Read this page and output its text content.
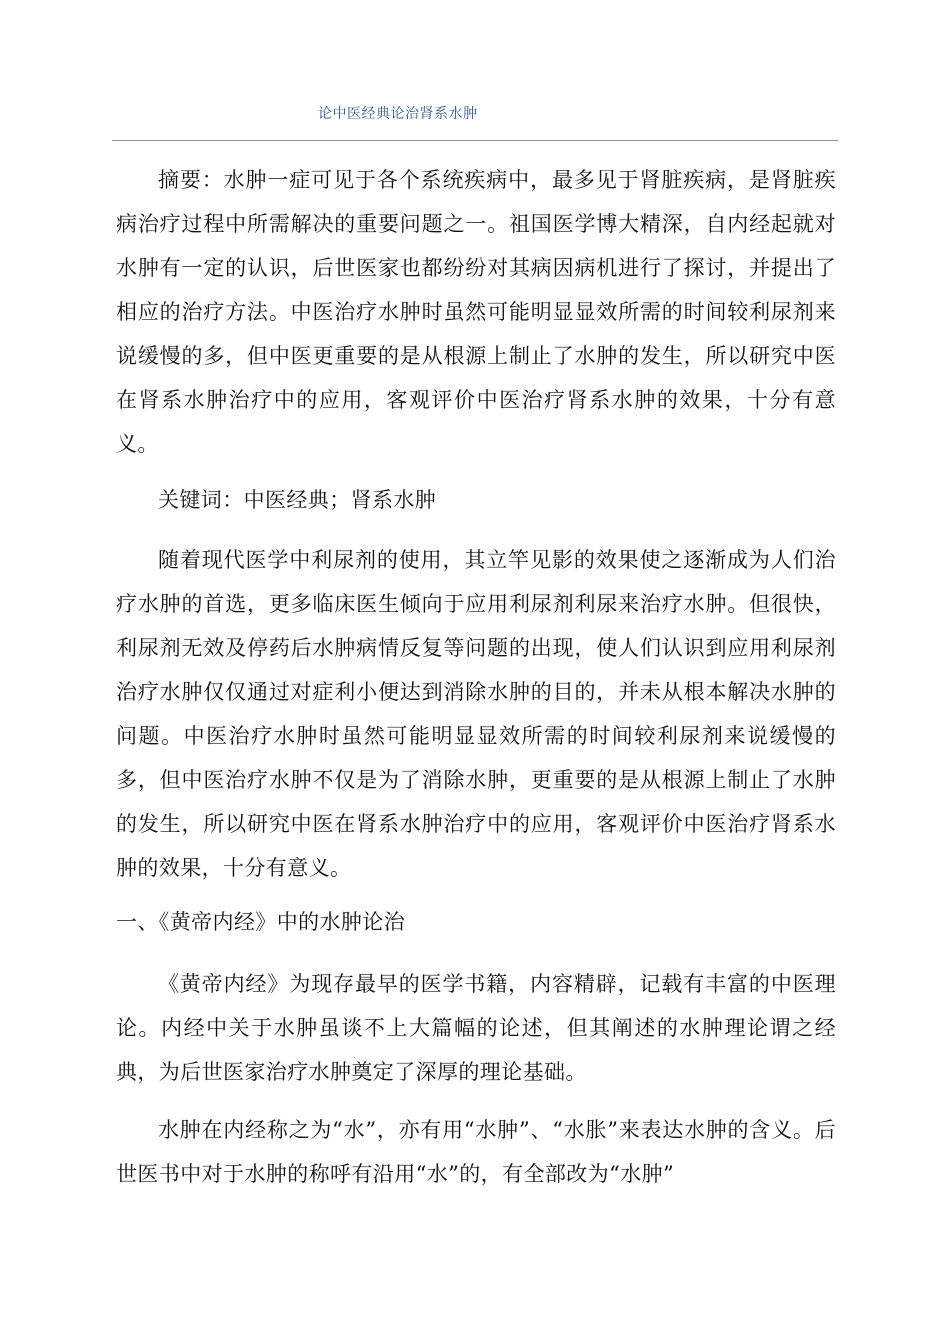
论中医经典论治肾系水肿

摘要：水肿一症可见于各个系统疾病中，最多见于肾脏疾病，是肾脏疾病治疗过程中所需解决的重要问题之一。祖国医学博大精深，自内经起就对水肿有一定的认识，后世医家也都纷纷对其病因病机进行了探讨，并提出了相应的治疗方法。中医治疗水肿时虽然可能明显显效所需的时间较利尿剂来说缓慢的多，但中医更重要的是从根源上制止了水肿的发生，所以研究中医在肾系水肿治疗中的应用，客观评价中医治疗肾系水肿的效果，十分有意义。

关键词：中医经典；肾系水肿

随着现代医学中利尿剂的使用，其立竿见影的效果使之逐渐成为人们治疗水肿的首选，更多临床医生倾向于应用利尿剂利尿来治疗水肿。但很快，利尿剂无效及停药后水肿病情反复等问题的出现，使人们认识到应用利尿剂治疗水肿仅仅通过对症利小便达到消除水肿的目的，并未从根本解决水肿的问题。中医治疗水肿时虽然可能明显显效所需的时间较利尿剂来说缓慢的多，但中医治疗水肿不仅是为了消除水肿，更重要的是从根源上制止了水肿的发生，所以研究中医在肾系水肿治疗中的应用，客观评价中医治疗肾系水肿的效果，十分有意义。

一、《黄帝内经》中的水肿论治

《黄帝内经》为现存最早的医学书籍，内容精辟，记载有丰富的中医理论。内经中关于水肿虽谈不上大篇幅的论述，但其阐述的水肿理论谓之经典，为后世医家治疗水肿奠定了深厚的理论基础。

水肿在内经称之为“水”，亦有用“水肿”、“水胀”来表达水肿的含义。后世医书中对于水肿的称呼有沿用“水”的，有全部改为“水肿”
